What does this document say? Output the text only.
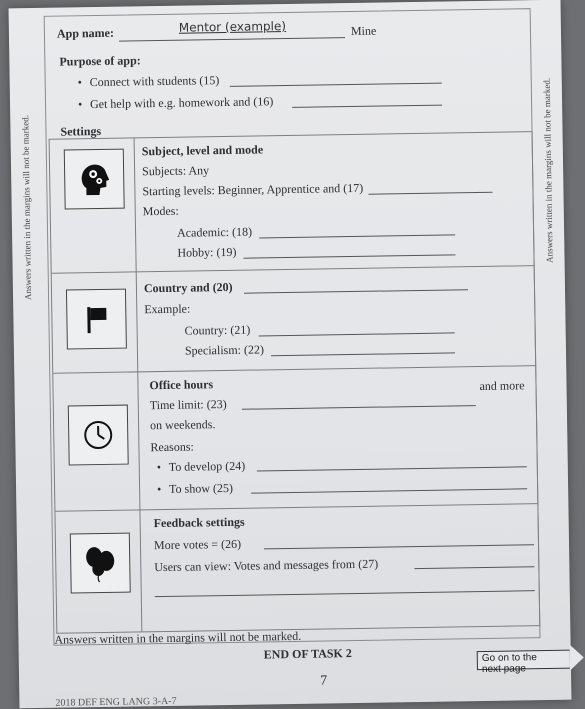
Answers written in the margins will not be marked.	Answers written in the margins will not be marked.
App name:	Mentor (example)	Mine
Purpose of app:
• Connect with students (15)
• Get help with e.g. homework and (16)
Settings
Subject, level and mode
Subjects: Any
Starting levels: Beginner, Apprentice and (17)
Modes:
Academic: (18)
Hobby: (19)
Country and (20)
Example:
Country: (21)
Specialism: (22)
Office hours
Time limit: (23)
and more
on weekends.
Reasons:
• To develop (24)
• To show (25)
Feedback settings
More votes = (26)
Users can view: Votes and messages from (27)
Answers written in the margins will not be marked.
END OF TASK 2
7
Go on to the next page
2018 DEF ENG LANG 3-A-7
